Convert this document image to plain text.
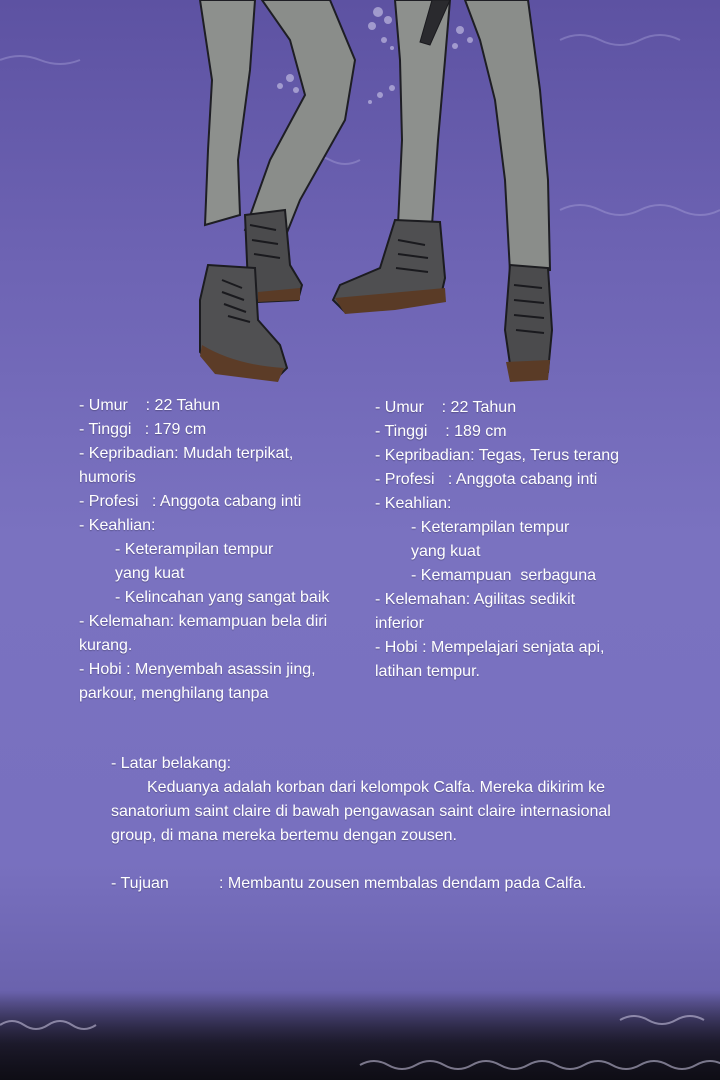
- Umur    : 22 Tahun
- Tinggi   : 179 cm
- Kepribadian: Mudah terpikat, humoris
- Profesi   : Anggota cabang inti
- Keahlian:
- Keterampilan tempur yang kuat
- Kelincahan yang sangat baik
- Kelemahan: kemampuan bela diri kurang.
- Hobi : Menyembah asassin jing, parkour, menghilang tanpa
- Umur    : 22 Tahun
- Tinggi    : 189 cm
- Kepribadian: Tegas, Terus terang
- Profesi   : Anggota cabang inti
- Keahlian:
- Keterampilan tempur yang kuat
- Kemampuan  serbaguna
- Kelemahan: Agilitas sedikit inferior
- Hobi : Mempelajari senjata api, latihan tempur.
- Latar belakang:
Keduanya adalah korban dari kelompok Calfa. Mereka dikirim ke sanatorium saint claire di bawah pengawasan saint claire internasional group, di mana mereka bertemu dengan zousen.
- Tujuan	: Membantu zousen membalas dendam pada Calfa.
